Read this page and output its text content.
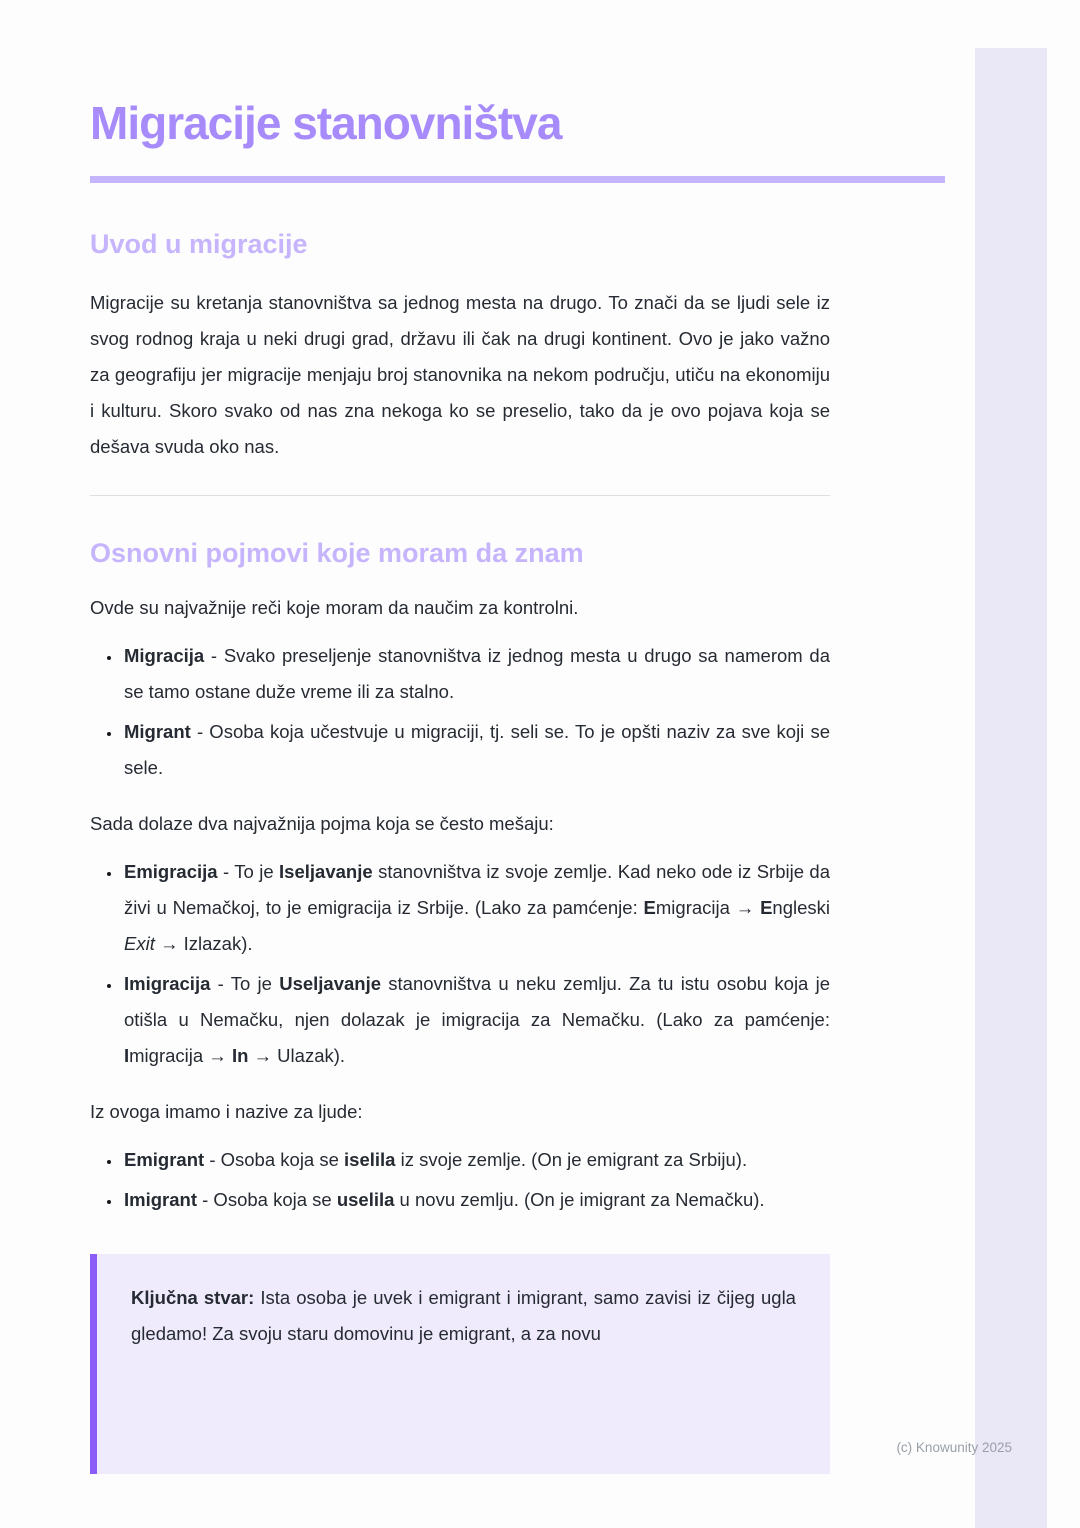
Migracije stanovništva
Uvod u migracije

Migracije su kretanja stanovništva sa jednog mesta na drugo. To znači da se ljudi sele iz svog rodnog kraja u neki drugi grad, državu ili čak na drugi kontinent. Ovo je jako važno za geografiju jer migracije menjaju broj stanovnika na nekom području, utiču na ekonomiju i kulturu. Skoro svako od nas zna nekoga ko se preselio, tako da je ovo pojava koja se dešava svuda oko nas.

Osnovni pojmovi koje moram da znam

Ovde su najvažnije reči koje moram da naučim za kontrolni.

• Migracija - Svako preseljenje stanovništva iz jednog mesta u drugo sa namerom da se tamo ostane duže vreme ili za stalno.
• Migrant - Osoba koja učestvuje u migraciji, tj. seli se. To je opšti naziv za sve koji se sele.

Sada dolaze dva najvažnija pojma koja se često mešaju:

• Emigracija - To je Iseljavanje stanovništva iz svoje zemlje. Kad neko ode iz Srbije da živi u Nemačkoj, to je emigracija iz Srbije. (Lako za pamćenje: Emigracija → Engleski Exit → Izlazak).
• Imigracija - To je Useljavanje stanovništva u neku zemlju. Za tu istu osobu koja je otišla u Nemačku, njen dolazak je imigracija za Nemačku. (Lako za pamćenje: Imigracija → In → Ulazak).

Iz ovoga imamo i nazive za ljude:

• Emigrant - Osoba koja se iselila iz svoje zemlje. (On je emigrant za Srbiju).
• Imigrant - Osoba koja se uselila u novu zemlju. (On je imigrant za Nemačku).

Ključna stvar: Ista osoba je uvek i emigrant i imigrant, samo zavisi iz čijeg ugla gledamo! Za svoju staru domovinu je emigrant, a za novu

(c) Knowunity 2025
